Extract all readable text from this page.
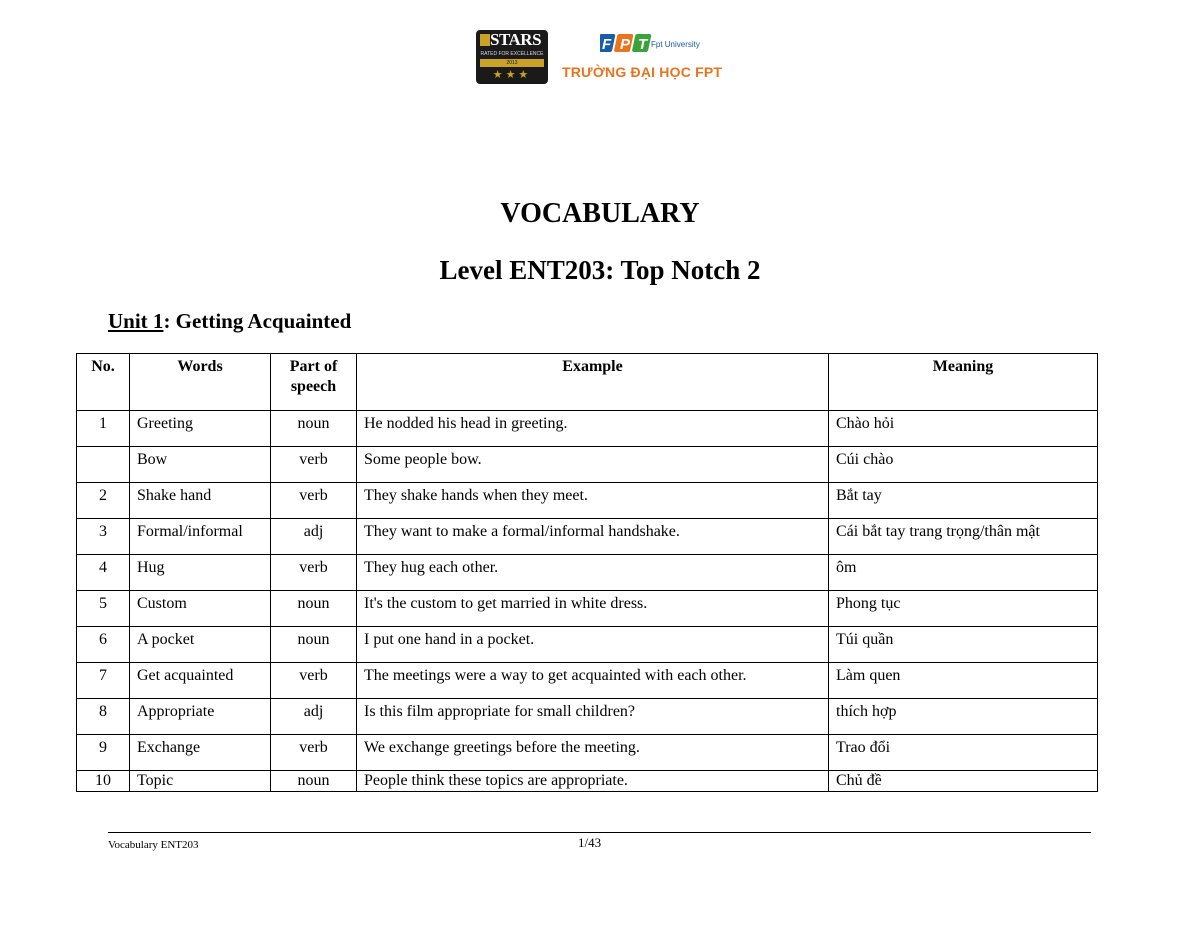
STARS
RATED FOR EXCELLENCE
2013
★★★
F P T Fpt University
TRƯỜNG ĐẠI HỌC FPT
VOCABULARY
Level ENT203: Top Notch 2
Unit 1: Getting Acquainted
No.	Words	Part of speech	Example	Meaning
1	Greeting	noun	He nodded his head in greeting.	Chào hỏi
	Bow	verb	Some people bow.	Cúi chào
2	Shake hand	verb	They shake hands when they meet.	Bắt tay
3	Formal/informal	adj	They want to make a formal/informal handshake.	Cái bắt tay trang trọng/thân mật
4	Hug	verb	They hug each other.	ôm
5	Custom	noun	It's the custom to get married in white dress.	Phong tục
6	A pocket	noun	I put one hand in a pocket.	Túi quần
7	Get acquainted	verb	The meetings were a way to get acquainted with each other.	Làm quen
8	Appropriate	adj	Is this film appropriate for small children?	thích hợp
9	Exchange	verb	We exchange greetings before the meeting.	Trao đổi
10	Topic	noun	People think these topics are appropriate.	Chủ đề
Vocabulary ENT203	1/43
